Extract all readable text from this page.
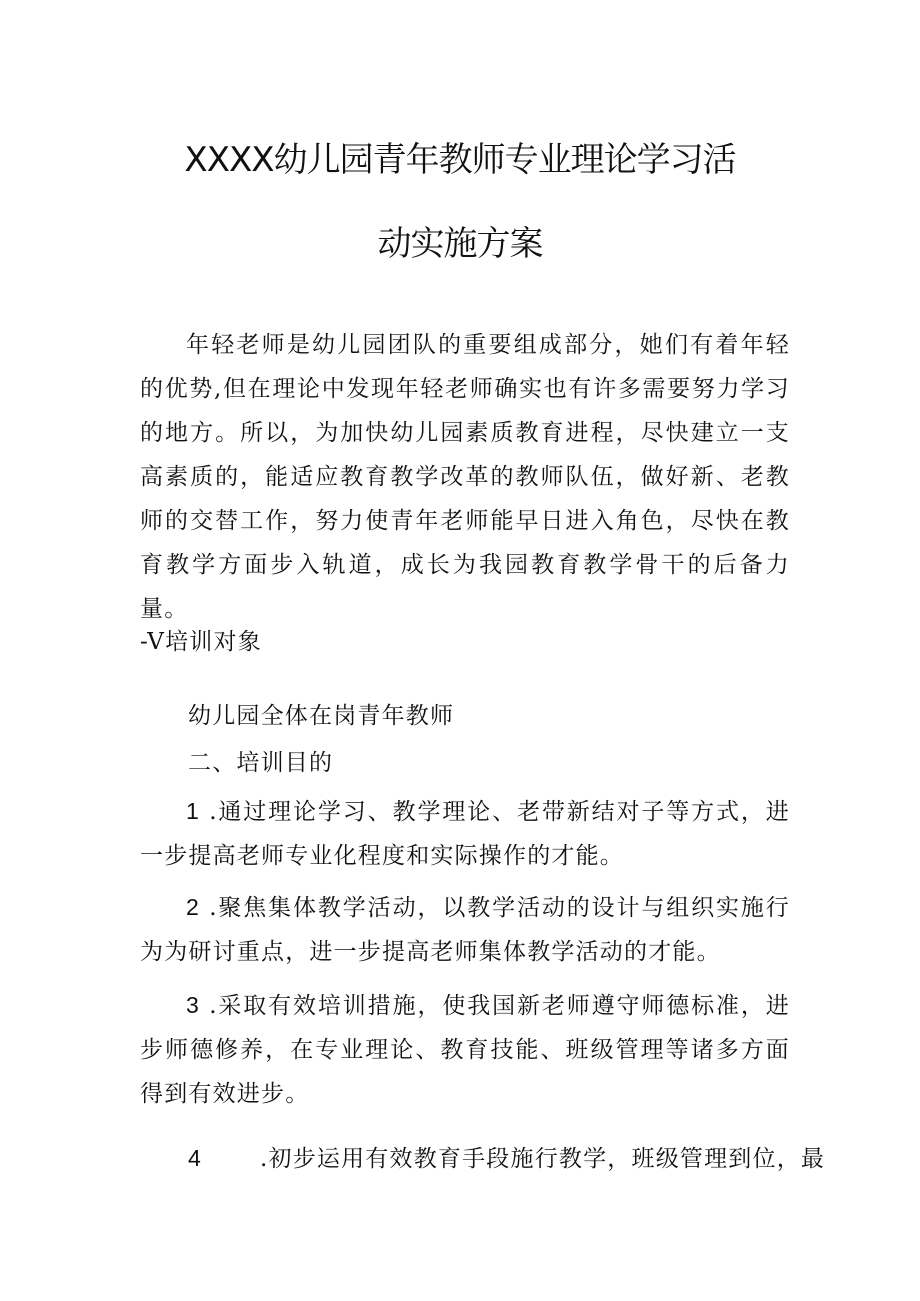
XXXX幼儿园青年教师专业理论学习活
动实施方案

年轻老师是幼儿园团队的重要组成部分，她们有着年轻的优势,但在理论中发现年轻老师确实也有许多需要努力学习的地方。所以，为加快幼儿园素质教育进程，尽快建立一支高素质的，能适应教育教学改革的教师队伍，做好新、老教师的交替工作，努力使青年老师能早日进入角色，尽快在教育教学方面步入轨道，成长为我园教育教学骨干的后备力量。

-V培训对象

幼儿园全体在岗青年教师

二、培训目的

1 .通过理论学习、教学理论、老带新结对子等方式，进一步提高老师专业化程度和实际操作的才能。

2 .聚焦集体教学活动，以教学活动的设计与组织实施行为为研讨重点，进一步提高老师集体教学活动的才能。

3 .采取有效培训措施，使我国新老师遵守师德标准，进步师德修养，在专业理论、教育技能、班级管理等诸多方面得到有效进步。

4	.初步运用有效教育手段施行教学，班级管理到位，最
